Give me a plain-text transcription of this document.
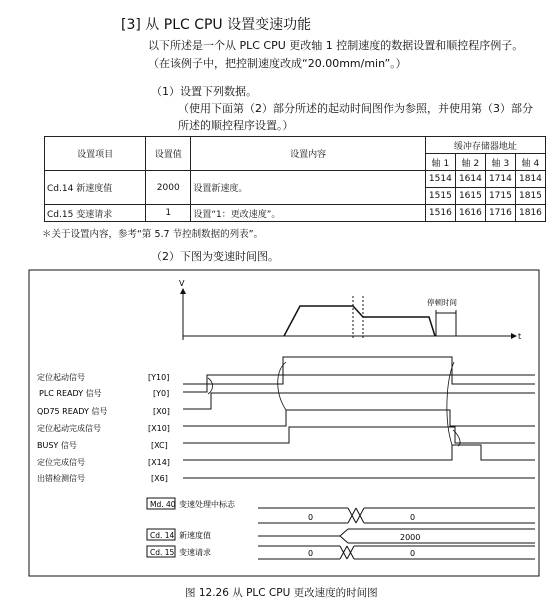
[3] 从 PLC CPU 设置变速功能
以下所述是一个从 PLC CPU 更改轴 1 控制速度的数据设置和顺控程序例子。
（在该例子中，把控制速度改成“20.00mm/min”。）
（1）设置下列数据。
（使用下面第（2）部分所述的起动时间图作为参照，并使用第（3）部分
所述的顺控程序设置。）
设置项目	设置值	设置内容	缓冲存储器地址			
			轴 1	轴 2	轴 3	轴 4
Cd.14 新速度值	2000	设置新速度。	1514	1614	1714	1814
			1515	1615	1715	1815
Cd.15 变速请求	1	设置“1：更改速度”。	1516	1616	1716	1816
＊关于设置内容，参考“第 5.7 节控制数据的列表”。
（2）下图为变速时间图。
V
t
停顿时间
定位起动信号	[Y10]
PLC READY 信号	[Y0]
QD75 READY 信号	[X0]
定位起动完成信号	[X10]
BUSY 信号	[XC]
定位完成信号	[X14]
出错检测信号	[X6]
Md. 40 变速处理中标志
0	0
Cd. 14 新速度值	2000
Cd. 15 变速请求	0	0
图 12.26 从 PLC CPU 更改速度的时间图
